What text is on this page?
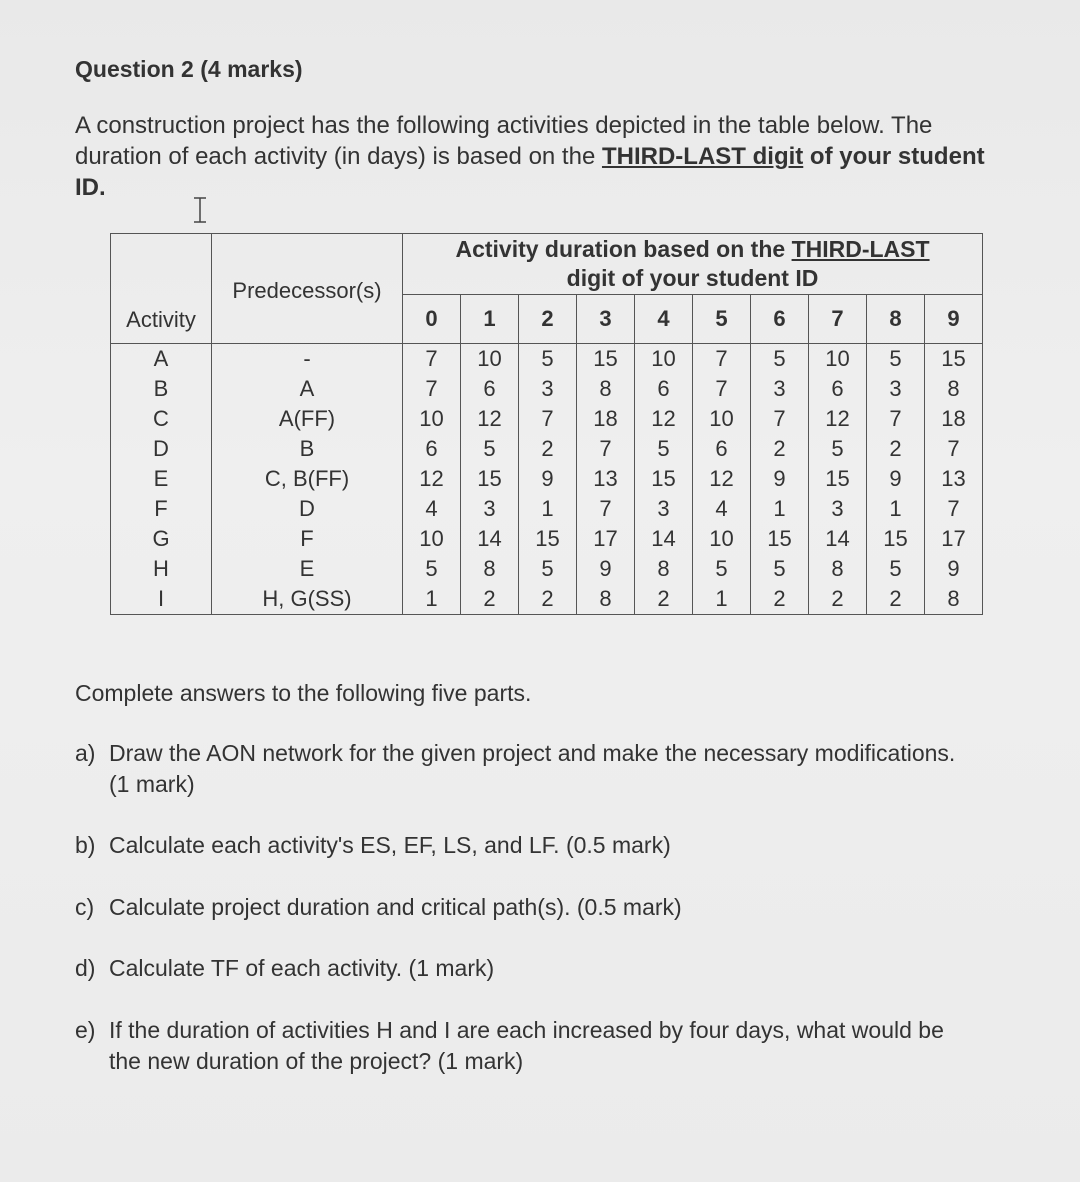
Question 2 (4 marks)
A construction project has the following activities depicted in the table below. The duration of each activity (in days) is based on the THIRD-LAST digit of your student ID.
Activity	Predecessor(s)	Activity duration based on the THIRD-LAST
digit of your student ID									
		0	1	2	3	4	5	6	7	8	9
A	-	7	10	5	15	10	7	5	10	5	15
B	A	7	6	3	8	6	7	3	6	3	8
C	A(FF)	10	12	7	18	12	10	7	12	7	18
D	B	6	5	2	7	5	6	2	5	2	7
E	C, B(FF)	12	15	9	13	15	12	9	15	9	13
F	D	4	3	1	7	3	4	1	3	1	7
G	F	10	14	15	17	14	10	15	14	15	17
H	E	5	8	5	9	8	5	5	8	5	9
I	H, G(SS)	1	2	2	8	2	1	2	2	2	8
Complete answers to the following five parts.
a) Draw the AON network for the given project and make the necessary modifications. (1 mark)
b) Calculate each activity's ES, EF, LS, and LF. (0.5 mark)
c) Calculate project duration and critical path(s). (0.5 mark)
d) Calculate TF of each activity. (1 mark)
e) If the duration of activities H and I are each increased by four days, what would be the new duration of the project? (1 mark)
